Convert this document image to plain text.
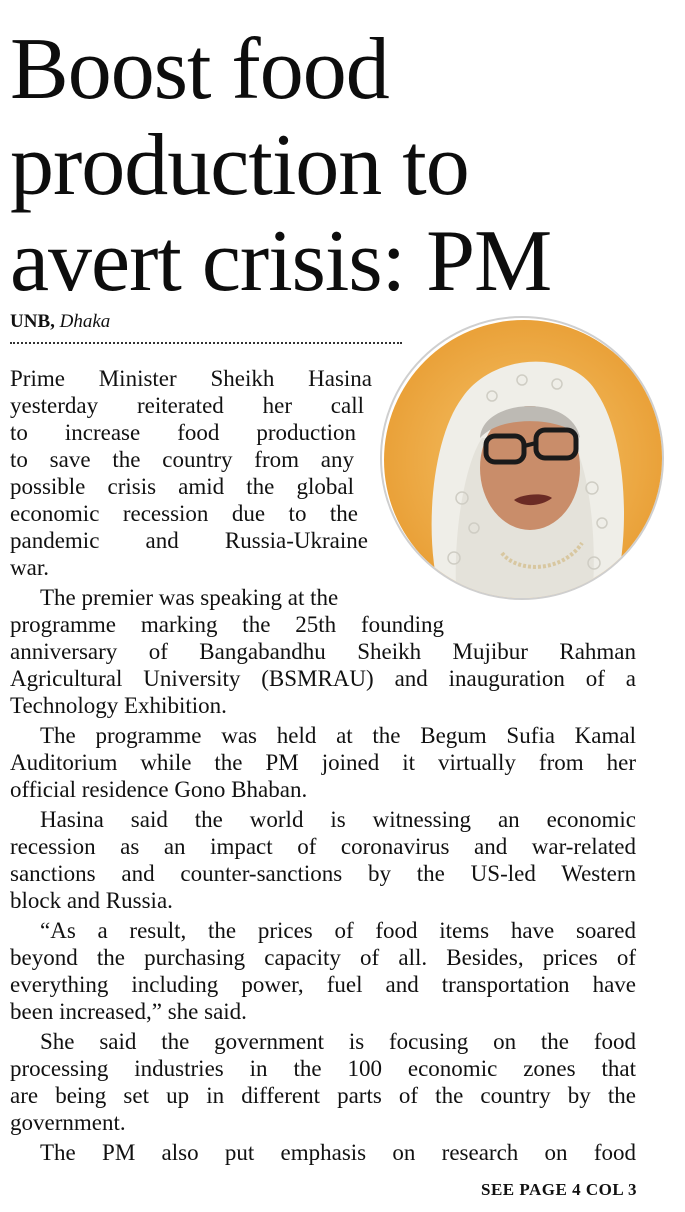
Boost food
production to
avert crisis: PM
UNB, Dhaka

Prime Minister Sheikh Hasina

yesterday reiterated her call

to increase food production

to save the country from any

possible crisis amid the global

economic recession due to the

pandemic and Russia-Ukraine

war.

The premier was speaking at the

programme marking the 25th founding

anniversary of Bangabandhu Sheikh Mujibur Rahman

Agricultural University (BSMRAU) and inauguration of a

Technology Exhibition.

The programme was held at the Begum Sufia Kamal

Auditorium while the PM joined it virtually from her

official residence Gono Bhaban.

Hasina said the world is witnessing an economic

recession as an impact of coronavirus and war-related

sanctions and counter-sanctions by the US-led Western

block and Russia.

“As a result, the prices of food items have soared

beyond the purchasing capacity of all. Besides, prices of

everything including power, fuel and transportation have

been increased,” she said.

She said the government is focusing on the food

processing industries in the 100 economic zones that

are being set up in different parts of the country by the

government.

The PM also put emphasis on research on food

SEE PAGE 4 COL 3
